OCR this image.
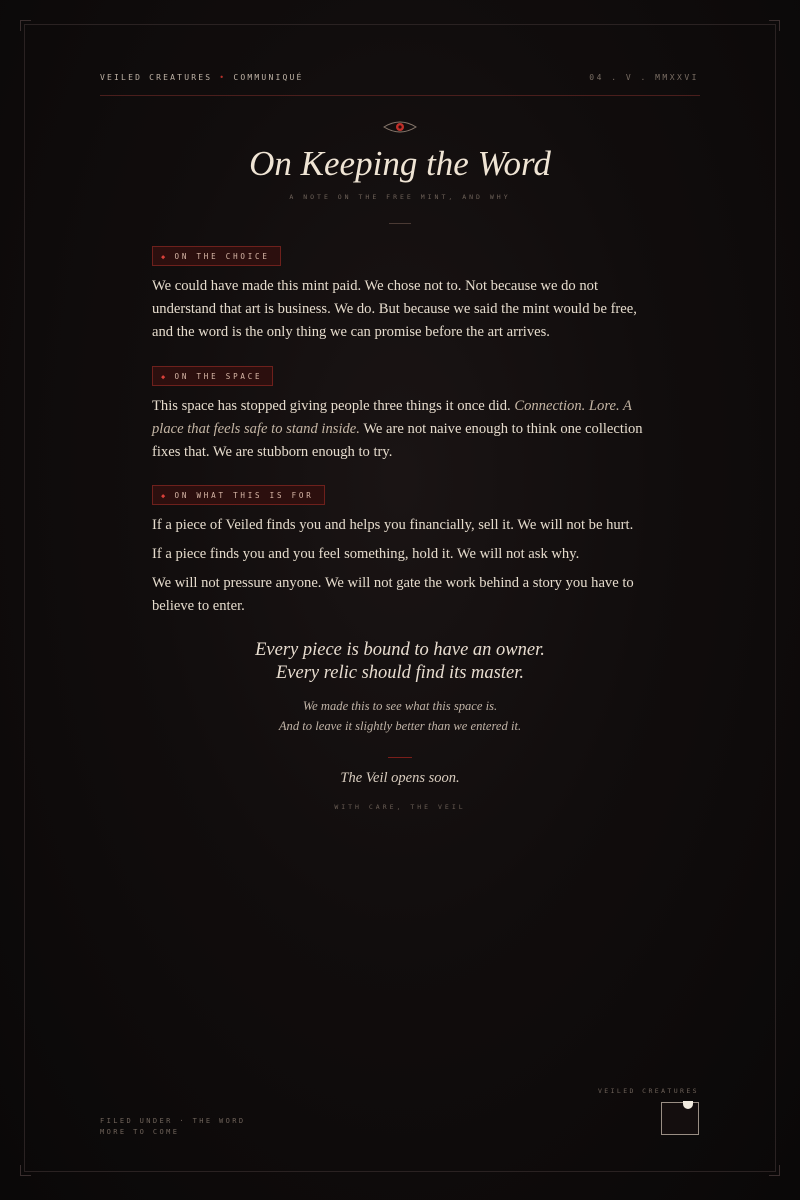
VEILED CREATURES • COMMUNIQUÉ	04 . V . MMXXVI
On Keeping the Word
A NOTE ON THE FREE MINT, AND WHY
◆ ON THE CHOICE

We could have made this mint paid. We chose not to. Not because we do not understand that art is business. We do. But because we said the mint would be free, and the word is the only thing we can promise before the art arrives.

◆ ON THE SPACE

This space has stopped giving people three things it once did. Connection. Lore. A place that feels safe to stand inside. We are not naive enough to think one collection fixes that. We are stubborn enough to try.

◆ ON WHAT THIS IS FOR

If a piece of Veiled finds you and helps you financially, sell it. We will not be hurt.

If a piece finds you and you feel something, hold it. We will not ask why.

We will not pressure anyone. We will not gate the work behind a story you have to believe to enter.

Every piece is bound to have an owner.
Every relic should find its master.
We made this to see what this space is.
And to leave it slightly better than we entered it.
The Veil opens soon.
WITH CARE, THE VEIL
FILED UNDER · THE WORD
MORE TO COME
VEILED CREATURES
